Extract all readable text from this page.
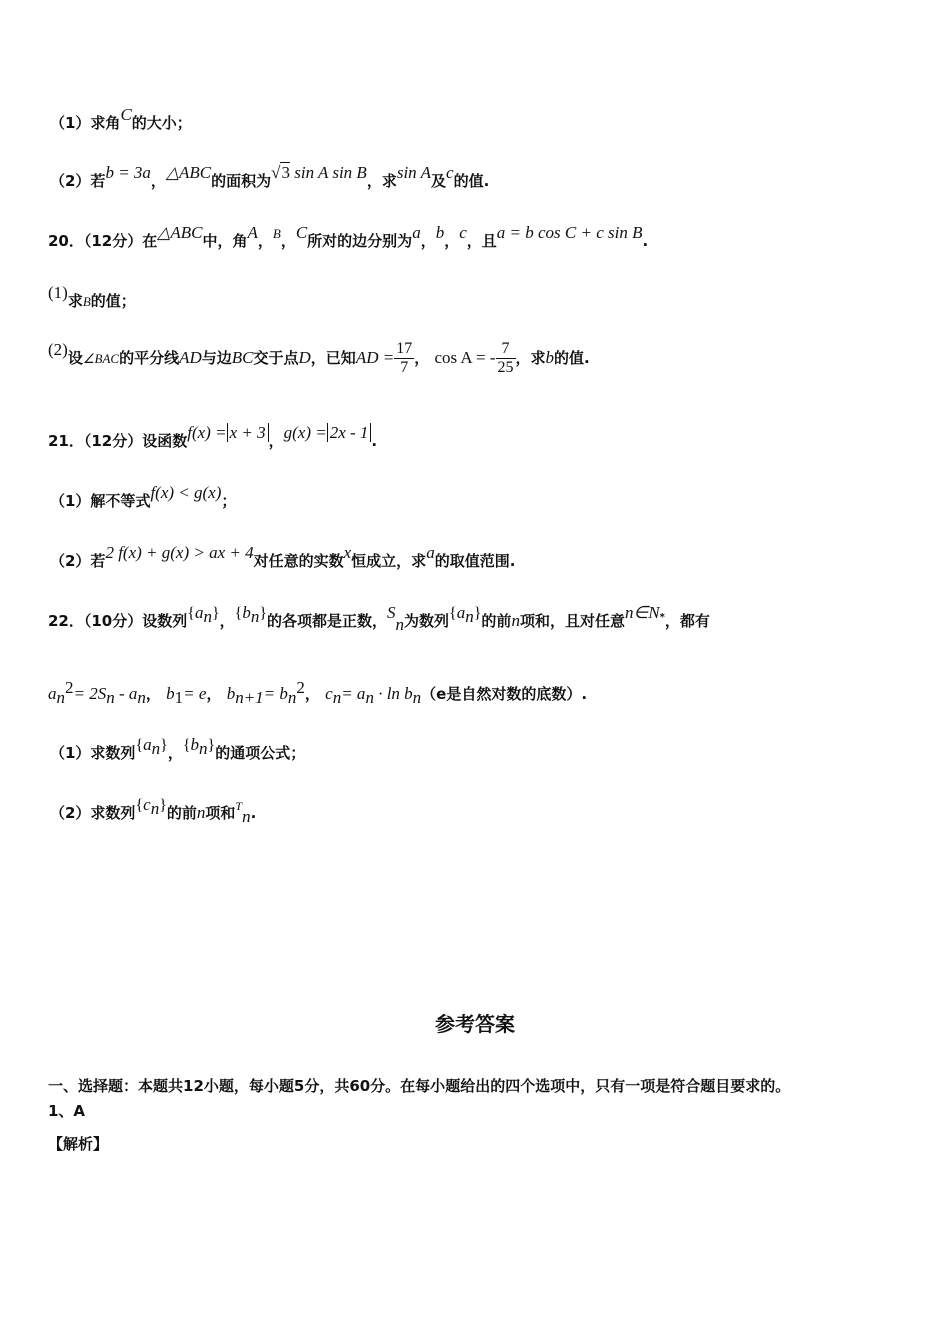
（1）求角C的大小；
（2）若b = 3a，△ABC的面积为√3 sin A sin B，求sin A及c的值.
20．（12分）在△ABC中，角A，B，C所对的边分别为a，b，c，且a = b cos C + c sin B.
(1)求B的值；
(2)设∠BAC的平分线AD与边BC交于点D，已知AD = $\frac{17}{7}$ ， cos A = - $\frac{7}{25}$ ，求b的值.
21．（12分）设函数f(x) = x + 3 ，g(x) = 2x - 1 .
（1）解不等式f(x) < g(x)；
（2）若2 f(x) + g(x) > ax + 4对任意的实数x恒成立，求a的取值范围.
22．（10分）设数列$\{a_n\}$，$\{b_n\}$的各项都是正数，$S_n$为数列$\{a_n\}$的前n项和，且对任意n∈N*，都有
$a_n^2= 2S_n - a_n$， $b_1= e$， $b_{n+1}= b_n^2$， $c_n= a_n \cdot \ln b_n(e$是自然对数的底数）.
（1）求数列$\{a_n\}$，$\{b_n\}$的通项公式；
（2）求数列$\{c_n\}$的前n项和$^T_n$.
参考答案
一、选择题：本题共12小题，每小题5分，共60分。在每小题给出的四个选项中，只有一项是符合题目要求的。
1、A
【解析】
